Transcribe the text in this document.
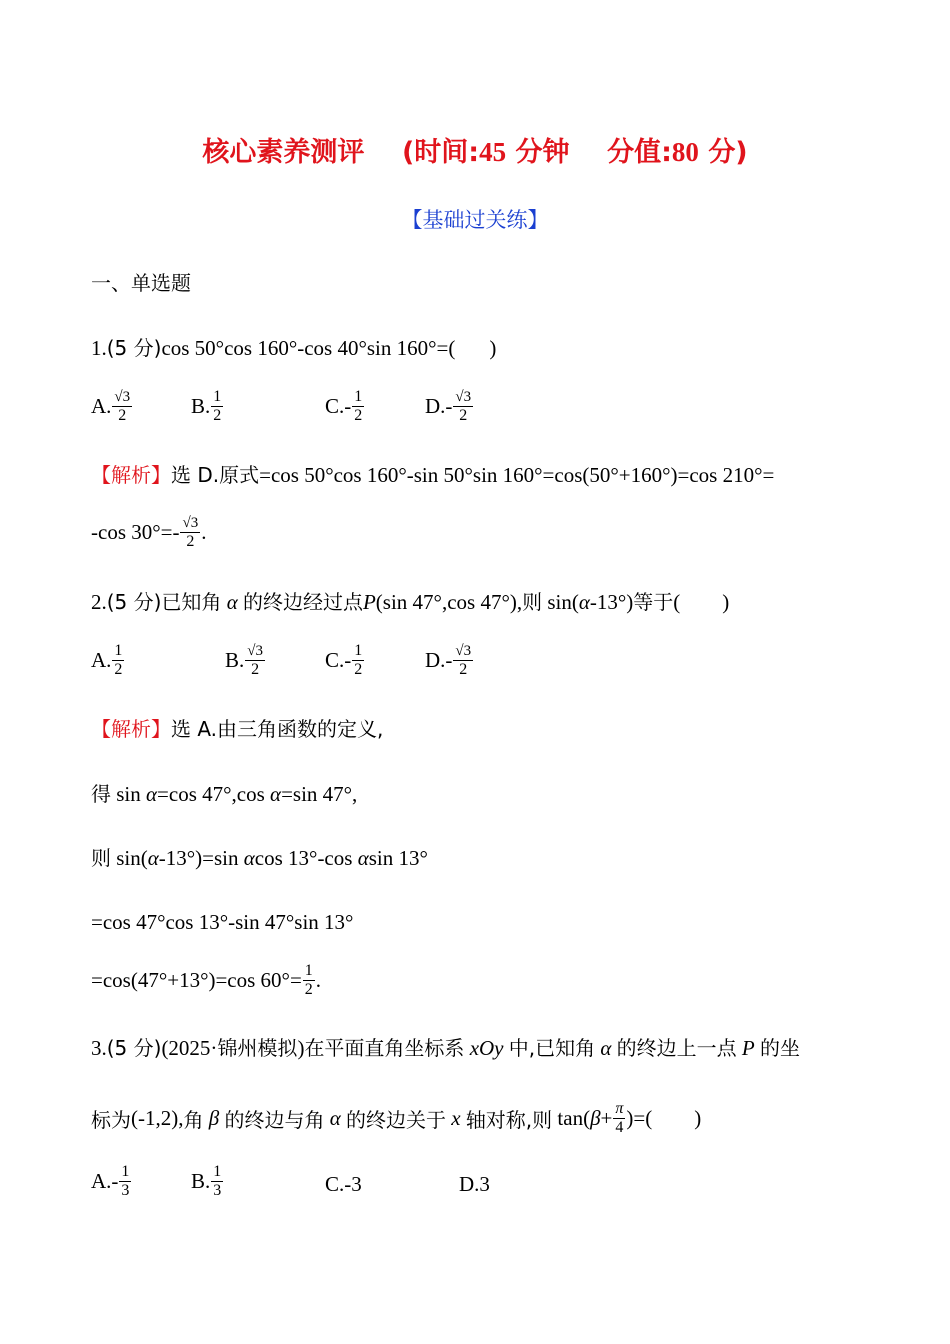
核心素养测评 (时间:45 分钟 分值:80 分)
【基础过关练】
一、单选题
1.(5 分)cos 50°cos 160°-cos 40°sin 160°=( )
A. $\frac{√3}{2}$	B. $\frac{1}{2}$	C. - $\frac{1}{2}$	D. - $\frac{√3}{2}$
【解析】选 D.原式=cos 50°cos 160°-sin 50°sin 160°=cos(50°+160°)=cos 210°=
-cos $30^\circ=- \frac{√3}{2}$ .
2.(5 分)已知角 α 的终边经过点P(sin 47°,cos 47°),则 sin(α-13°)等于( )
A. $\frac{1}{2}$	B. $\frac{√3}{2}$	C. - $\frac{1}{2}$	D. - $\frac{√3}{2}$
【解析】选 A.由三角函数的定义,
得 sin α=cos 47°,cos α=sin 47°,
则 sin(α-13°)=sin αcos 13°-cos αsin 13°
=cos 47°cos 13°-sin 47°sin 13°
=cos(47°+13°)=cos $60^\circ= \frac{1}{2}$ .
3.(5 分)(2025·锦州模拟)在平面直角坐标系 xOy 中,已知角 α 的终边上一点 P 的坐
标为 (-1,2), 角
β
的终边与角
α
的终边关于
x
轴对称,则
tan( $\beta + \frac{\pi}{4}$ )=( )
A. - $\frac{1}{3}$	B. $\frac{1}{3}$	C.-3	D.3
